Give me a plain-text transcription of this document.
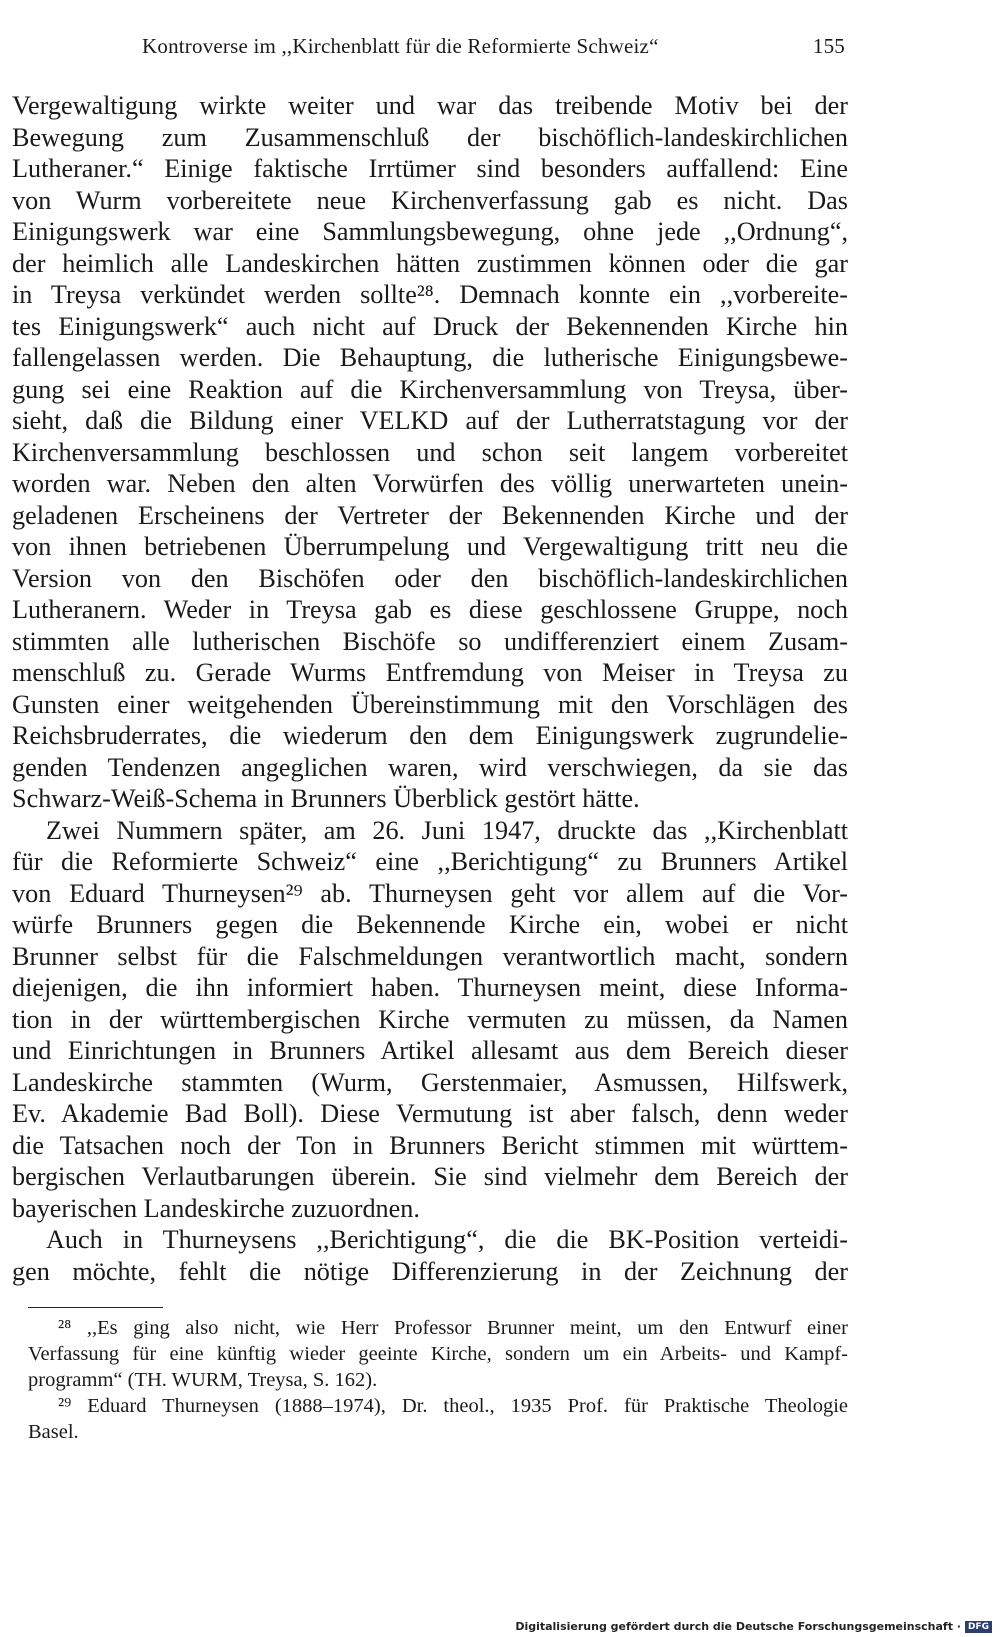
Kontroverse im ,,Kirchenblatt für die Reformierte Schweiz“	155
Vergewaltigung wirkte weiter und war das treibende Motiv bei der
Bewegung zum Zusammenschluß der bischöflich-landeskirchlichen
Lutheraner.“ Einige faktische Irrtümer sind besonders auffallend: Eine
von Wurm vorbereitete neue Kirchenverfassung gab es nicht. Das
Einigungswerk war eine Sammlungsbewegung, ohne jede ,,Ordnung“,
der heimlich alle Landeskirchen hätten zustimmen können oder die gar
in Treysa verkündet werden sollte²⁸. Demnach konnte ein ,,vorbereite-
tes Einigungswerk“ auch nicht auf Druck der Bekennenden Kirche hin
fallengelassen werden. Die Behauptung, die lutherische Einigungsbewe-
gung sei eine Reaktion auf die Kirchenversammlung von Treysa, über-
sieht, daß die Bildung einer VELKD auf der Lutherratstagung vor der
Kirchenversammlung beschlossen und schon seit langem vorbereitet
worden war. Neben den alten Vorwürfen des völlig unerwarteten unein-
geladenen Erscheinens der Vertreter der Bekennenden Kirche und der
von ihnen betriebenen Überrumpelung und Vergewaltigung tritt neu die
Version von den Bischöfen oder den bischöflich-landeskirchlichen
Lutheranern. Weder in Treysa gab es diese geschlossene Gruppe, noch
stimmten alle lutherischen Bischöfe so undifferenziert einem Zusam-
menschluß zu. Gerade Wurms Entfremdung von Meiser in Treysa zu
Gunsten einer weitgehenden Übereinstimmung mit den Vorschlägen des
Reichsbruderrates, die wiederum den dem Einigungswerk zugrundelie-
genden Tendenzen angeglichen waren, wird verschwiegen, da sie das
Schwarz-Weiß-Schema in Brunners Überblick gestört hätte.
Zwei Nummern später, am 26. Juni 1947, druckte das ,,Kirchenblatt
für die Reformierte Schweiz“ eine ,,Berichtigung“ zu Brunners Artikel
von Eduard Thurneysen²⁹ ab. Thurneysen geht vor allem auf die Vor-
würfe Brunners gegen die Bekennende Kirche ein, wobei er nicht
Brunner selbst für die Falschmeldungen verantwortlich macht, sondern
diejenigen, die ihn informiert haben. Thurneysen meint, diese Informa-
tion in der württembergischen Kirche vermuten zu müssen, da Namen
und Einrichtungen in Brunners Artikel allesamt aus dem Bereich dieser
Landeskirche stammten (Wurm, Gerstenmaier, Asmussen, Hilfswerk,
Ev. Akademie Bad Boll). Diese Vermutung ist aber falsch, denn weder
die Tatsachen noch der Ton in Brunners Bericht stimmen mit württem-
bergischen Verlautbarungen überein. Sie sind vielmehr dem Bereich der
bayerischen Landeskirche zuzuordnen.
Auch in Thurneysens ,,Berichtigung“, die die BK-Position verteidi-
gen möchte, fehlt die nötige Differenzierung in der Zeichnung der
²⁸ ,,Es ging also nicht, wie Herr Professor Brunner meint, um den Entwurf einer
Verfassung für eine künftig wieder geeinte Kirche, sondern um ein Arbeits- und Kampf-
programm“ (TH. WURM, Treysa, S. 162).
²⁹ Eduard Thurneysen (1888–1974), Dr. theol., 1935 Prof. für Praktische Theologie
Basel.
Digitalisierung gefördert durch die Deutsche Forschungsgemeinschaft · DFG
